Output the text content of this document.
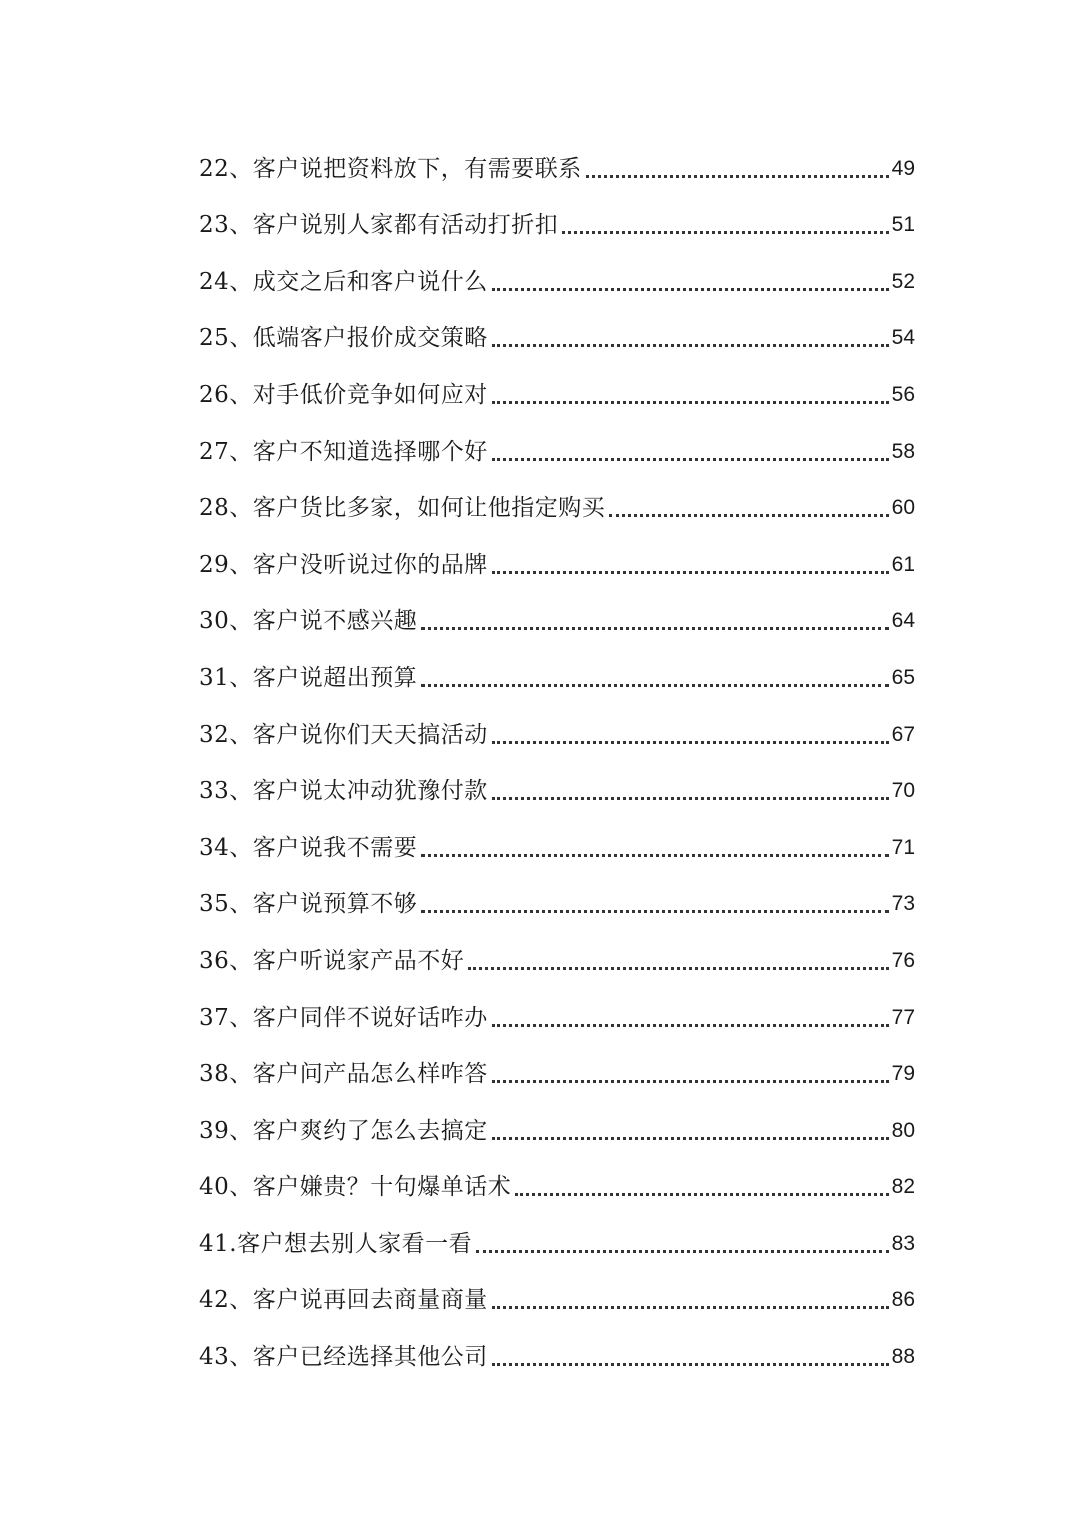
22、客户说把资料放下，有需要联系	49
23、客户说别人家都有活动打折扣	51
24、成交之后和客户说什么	52
25、低端客户报价成交策略	54
26、对手低价竞争如何应对	56
27、客户不知道选择哪个好	58
28、客户货比多家，如何让他指定购买	60
29、客户没听说过你的品牌	61
30、客户说不感兴趣	64
31、客户说超出预算	65
32、客户说你们天天搞活动	67
33、客户说太冲动犹豫付款	70
34、客户说我不需要	71
35、客户说预算不够	73
36、客户听说家产品不好	76
37、客户同伴不说好话咋办	77
38、客户问产品怎么样咋答	79
39、客户爽约了怎么去搞定	80
40、客户嫌贵？十句爆单话术	82
41.客户想去别人家看一看	83
42、客户说再回去商量商量	86
43、客户已经选择其他公司	88
